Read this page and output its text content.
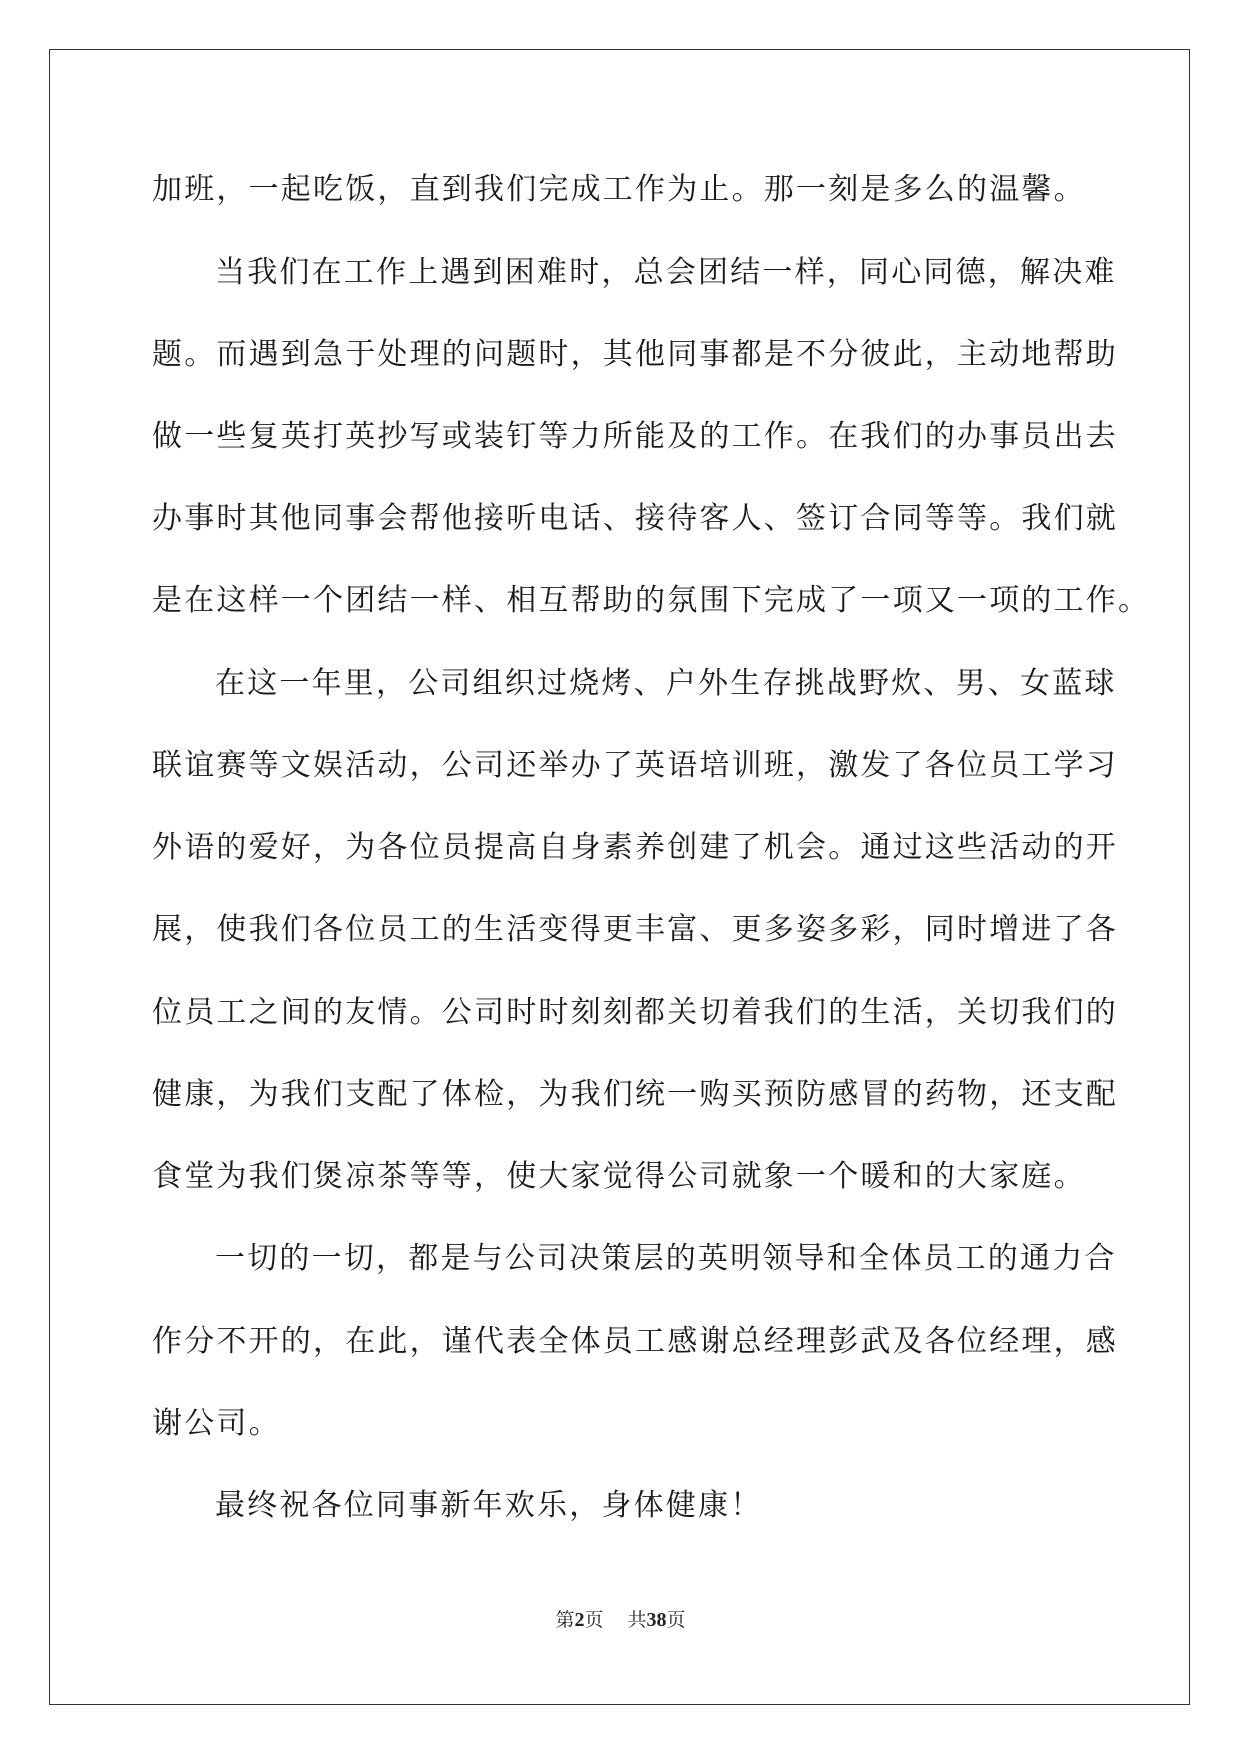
加班，一起吃饭，直到我们完成工作为止。那一刻是多么的温馨。
当我们在工作上遇到困难时，总会团结一样，同心同德，解决难
题。而遇到急于处理的问题时，其他同事都是不分彼此，主动地帮助
做一些复英打英抄写或装钉等力所能及的工作。在我们的办事员出去
办事时其他同事会帮他接听电话、接待客人、签订合同等等。我们就
是在这样一个团结一样、相互帮助的氛围下完成了一项又一项的工作。
在这一年里，公司组织过烧烤、户外生存挑战野炊、男、女蓝球
联谊赛等文娱活动，公司还举办了英语培训班，激发了各位员工学习
外语的爱好，为各位员提高自身素养创建了机会。通过这些活动的开
展，使我们各位员工的生活变得更丰富、更多姿多彩，同时增进了各
位员工之间的友情。公司时时刻刻都关切着我们的生活，关切我们的
健康，为我们支配了体检，为我们统一购买预防感冒的药物，还支配
食堂为我们煲凉茶等等，使大家觉得公司就象一个暖和的大家庭。
一切的一切，都是与公司决策层的英明领导和全体员工的通力合
作分不开的，在此，谨代表全体员工感谢总经理彭武及各位经理，感
谢公司。
最终祝各位同事新年欢乐，身体健康！
第2页 共38页
